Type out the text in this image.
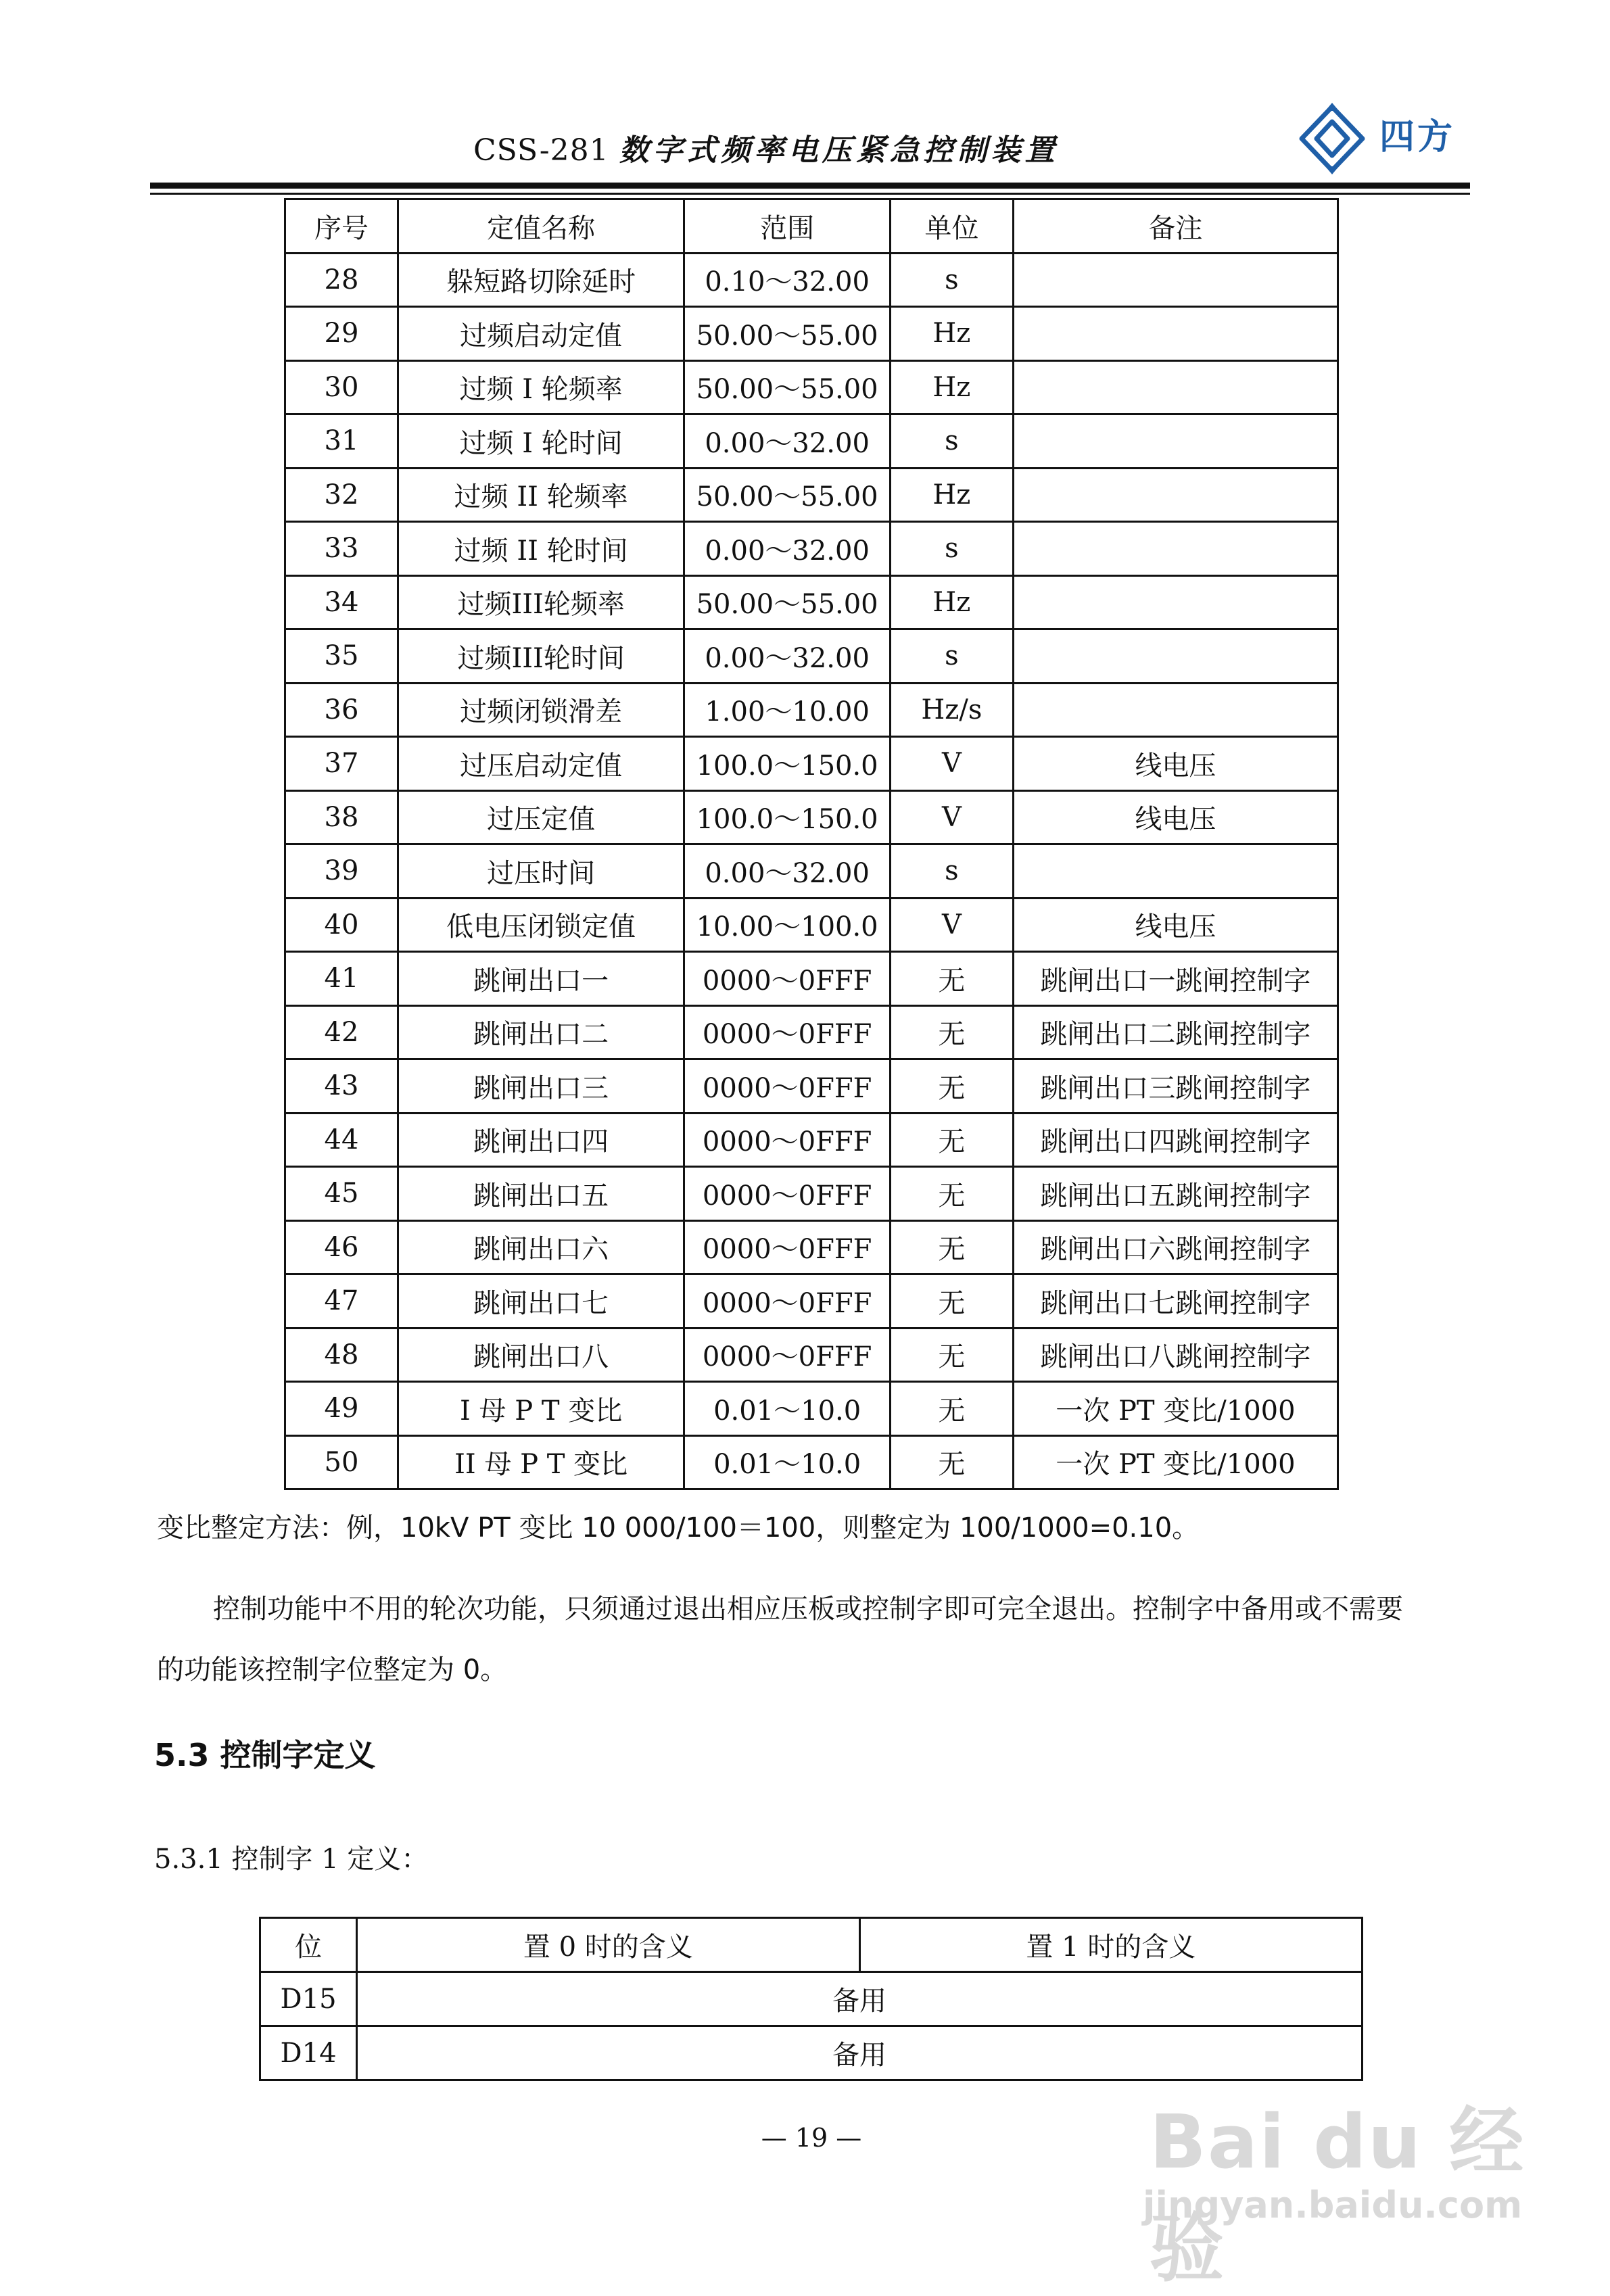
CSS-281 数字式频率电压紧急控制装置	四方
序号	定值名称	范围	单位	备注
28	躲短路切除延时	0.10～32.00	s	
29	过频启动定值	50.00～55.00	Hz	
30	过频 I 轮频率	50.00～55.00	Hz	
31	过频 I 轮时间	0.00～32.00	s	
32	过频 II 轮频率	50.00～55.00	Hz	
33	过频 II 轮时间	0.00～32.00	s	
34	过频III轮频率	50.00～55.00	Hz	
35	过频III轮时间	0.00～32.00	s	
36	过频闭锁滑差	1.00～10.00	Hz/s	
37	过压启动定值	100.0～150.0	V	线电压
38	过压定值	100.0～150.0	V	线电压
39	过压时间	0.00～32.00	s	
40	低电压闭锁定值	10.00～100.0	V	线电压
41	跳闸出口一	0000～0FFF	无	跳闸出口一跳闸控制字
42	跳闸出口二	0000～0FFF	无	跳闸出口二跳闸控制字
43	跳闸出口三	0000～0FFF	无	跳闸出口三跳闸控制字
44	跳闸出口四	0000～0FFF	无	跳闸出口四跳闸控制字
45	跳闸出口五	0000～0FFF	无	跳闸出口五跳闸控制字
46	跳闸出口六	0000～0FFF	无	跳闸出口六跳闸控制字
47	跳闸出口七	0000～0FFF	无	跳闸出口七跳闸控制字
48	跳闸出口八	0000～0FFF	无	跳闸出口八跳闸控制字
49	I 母 P T 变比	0.01～10.0	无	一次 PT 变比/1000
50	II 母 P T 变比	0.01～10.0	无	一次 PT 变比/1000
变比整定方法：例，10kV PT 变比 10 000/100＝100，则整定为 100/1000=0.10。
控制功能中不用的轮次功能，只须通过退出相应压板或控制字即可完全退出。控制字中备用或不需要
的功能该控制字位整定为 0。
5.3 控制字定义
5.3.1 控制字 1 定义：
位	置 0 时的含义	置 1 时的含义
D15	备用	
D14	备用	
— 19 —	Bai du 经验
jingyan.baidu.com
